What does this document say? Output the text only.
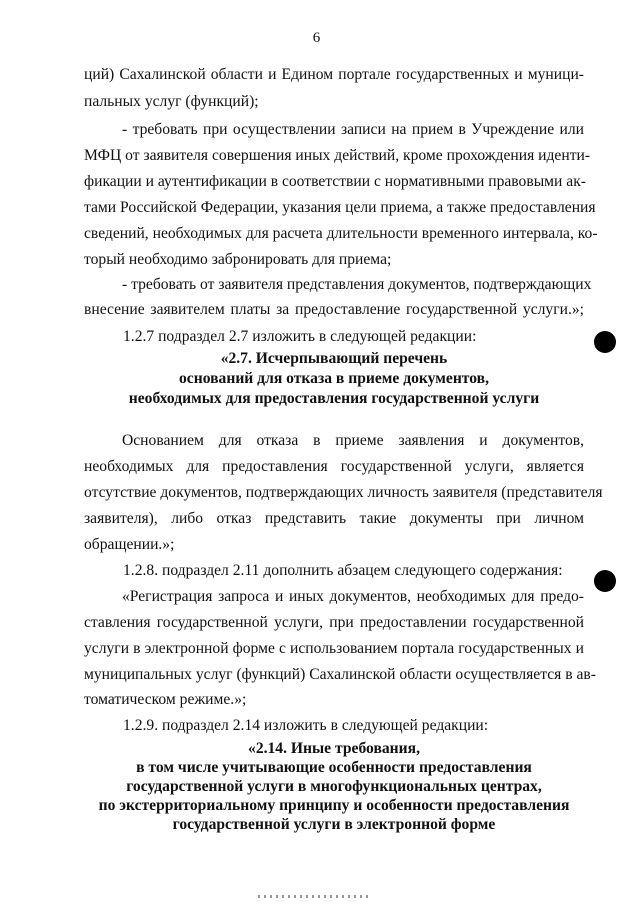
6
ций) Сахалинской области и Едином портале государственных и муници-
пальных услуг (функций);
- требовать при осуществлении записи на прием в Учреждение или
МФЦ от заявителя совершения иных действий, кроме прохождения иденти-
фикации и аутентификации в соответствии с нормативными правовыми ак-
тами Российской Федерации, указания цели приема, а также предоставления
сведений, необходимых для расчета длительности временного интервала, ко-
торый необходимо забронировать для приема;
- требовать от заявителя представления документов, подтверждающих
внесение заявителем платы за предоставление государственной услуги.»;
1.2.7 подраздел 2.7 изложить в следующей редакции:
«2.7. Исчерпывающий перечень
оснований для отказа в приеме документов,
необходимых для предоставления государственной услуги
Основанием для отказа в приеме заявления и документов,
необходимых для предоставления государственной услуги, является
отсутствие документов, подтверждающих личность заявителя (представителя
заявителя), либо отказ представить такие документы при личном
обращении.»;
1.2.8. подраздел 2.11 дополнить абзацем следующего содержания:
«Регистрация запроса и иных документов, необходимых для предо-
ставления государственной услуги, при предоставлении государственной
услуги в электронной форме с использованием портала государственных и
муниципальных услуг (функций) Сахалинской области осуществляется в ав-
томатическом режиме.»;
1.2.9. подраздел 2.14 изложить в следующей редакции:
«2.14. Иные требования,
в том числе учитывающие особенности предоставления
государственной услуги в многофункциональных центрах,
по экстерриториальному принципу и особенности предоставления
государственной услуги в электронной форме
